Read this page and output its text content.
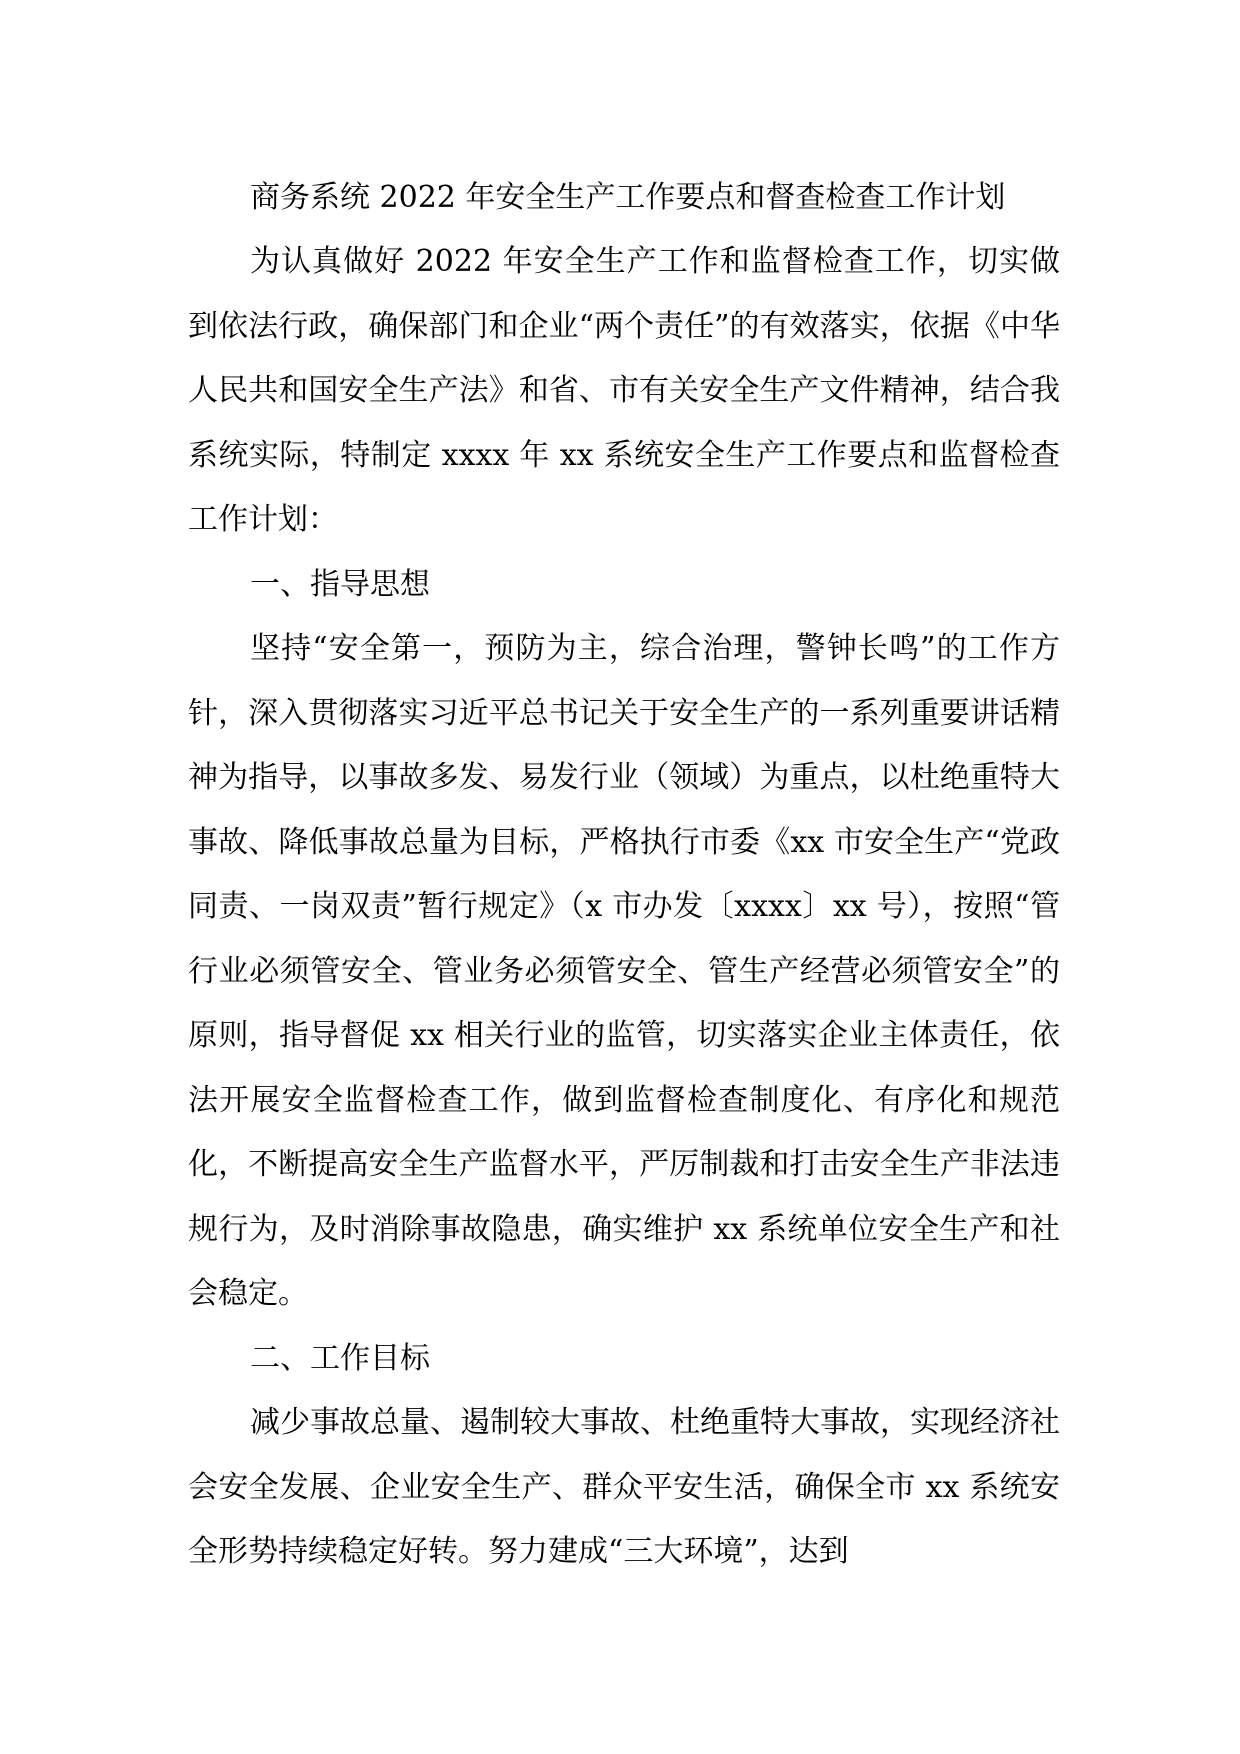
商务系统 2022 年安全生产工作要点和督查检查工作计划

为认真做好 2022 年安全生产工作和监督检查工作，切实做到依法行政，确保部门和企业“两个责任”的有效落实，依据《中华人民共和国安全生产法》和省、市有关安全生产文件精神，结合我系统实际，特制定 xxxx 年 xx 系统安全生产工作要点和监督检查工作计划：

一、指导思想

坚持“安全第一，预防为主，综合治理，警钟长鸣”的工作方针，深入贯彻落实习近平总书记关于安全生产的一系列重要讲话精神为指导，以事故多发、易发行业（领域）为重点，以杜绝重特大事故、降低事故总量为目标，严格执行市委《xx 市安全生产“党政同责、一岗双责”暂行规定》（x 市办发〔xxxx〕xx 号），按照“管行业必须管安全、管业务必须管安全、管生产经营必须管安全”的原则，指导督促 xx 相关行业的监管，切实落实企业主体责任，依法开展安全监督检查工作，做到监督检查制度化、有序化和规范化，不断提高安全生产监督水平，严厉制裁和打击安全生产非法违规行为，及时消除事故隐患，确实维护 xx 系统单位安全生产和社会稳定。

二、工作目标

减少事故总量、遏制较大事故、杜绝重特大事故，实现经济社会安全发展、企业安全生产、群众平安生活，确保全市 xx 系统安全形势持续稳定好转。努力建成“三大环境”，达到
